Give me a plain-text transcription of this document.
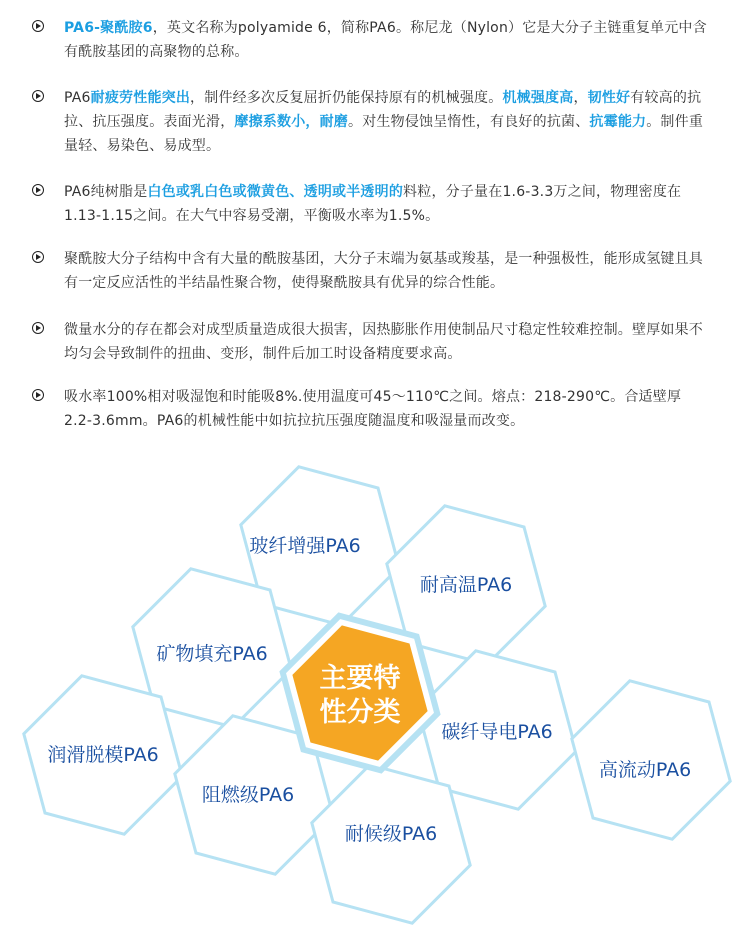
PA6-聚酰胺6，英文名称为polyamide 6，简称PA6。称尼龙（Nylon）它是大分子主链重复单元中含有酰胺基团的高聚物的总称。
PA6耐疲劳性能突出，制件经多次反复屈折仍能保持原有的机械强度。机械强度高，韧性好有较高的抗拉、抗压强度。表面光滑，摩擦系数小，耐磨。对生物侵蚀呈惰性，有良好的抗菌、抗霉能力。制件重量轻、易染色、易成型。
PA6纯树脂是白色或乳白色或微黄色、透明或半透明的料粒，分子量在1.6-3.3万之间，物理密度在1.13-1.15之间。在大气中容易受潮，平衡吸水率为1.5%。
聚酰胺大分子结构中含有大量的酰胺基团，大分子末端为氨基或羧基，是一种强极性，能形成氢键且具有一定反应活性的半结晶性聚合物，使得聚酰胺具有优异的综合性能。
微量水分的存在都会对成型质量造成很大损害，因热膨胀作用使制品尺寸稳定性较难控制。壁厚如果不均匀会导致制件的扭曲、变形，制件后加工时设备精度要求高。
吸水率100%相对吸湿饱和时能吸8%.使用温度可45～110℃之间。熔点：218-290℃。合适壁厚2.2-3.6mm。PA6的机械性能中如抗拉抗压强度随温度和吸湿量而改变。
玻纤增强PA6
耐高温PA6
矿物填充PA6
润滑脱模PA6
碳纤导电PA6
高流动PA6
阻燃级PA6
耐候级PA6
主要特
性分类
